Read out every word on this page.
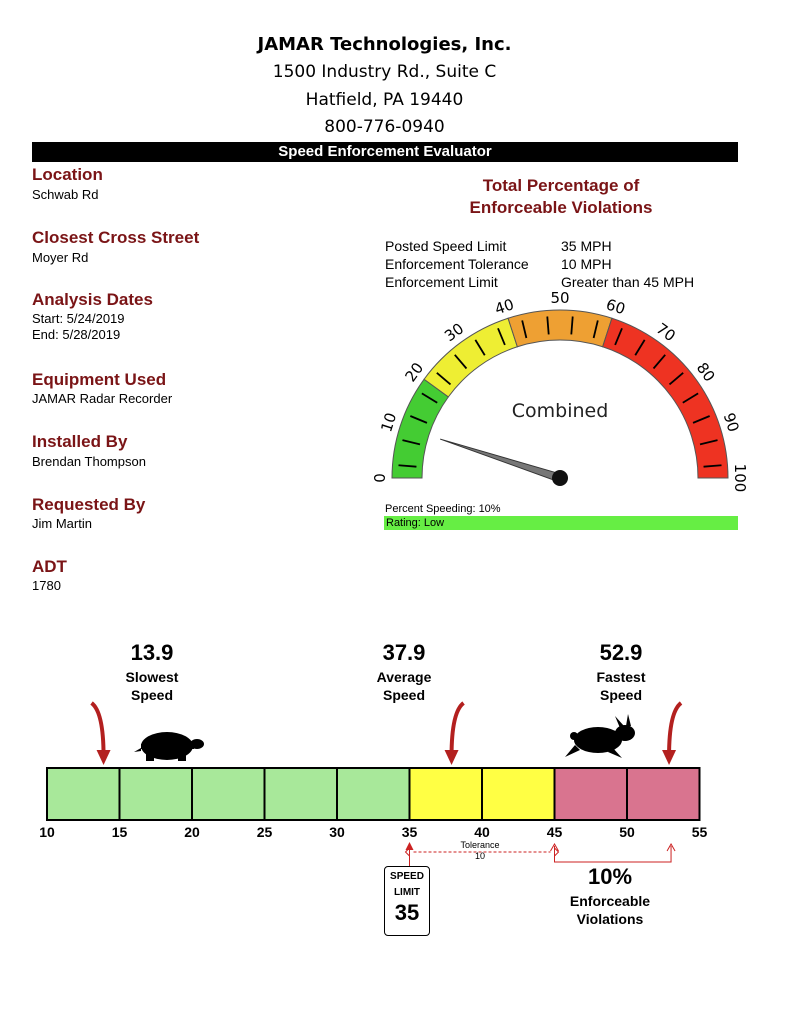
JAMAR Technologies, Inc.
1500 Industry Rd., Suite C
Hatfield, PA 19440
800-776-0940
Speed Enforcement Evaluator
Location
Schwab Rd
Closest Cross Street
Moyer Rd
Analysis Dates
Start: 5/24/2019
End: 5/28/2019
Equipment Used
JAMAR Radar Recorder
Installed By
Brendan Thompson
Requested By
Jim Martin
ADT
1780
Total Percentage of
Enforceable Violations
Posted Speed Limit	35 MPH
Enforcement Tolerance 10 MPH
Enforcement Limit	Greater than 45 MPH
0
10
20
30
40 50 60
70
80
90
100
Combined
Percent Speeding: 10%
Rating: Low
13.9
Slowest
Speed
37.9
Average
Speed
52.9
Fastest
Speed
10	15	20	25	30	35	40	45	50	55
Tolerance
10
SPEED
LIMIT
35
10%
Enforceable
Violations
